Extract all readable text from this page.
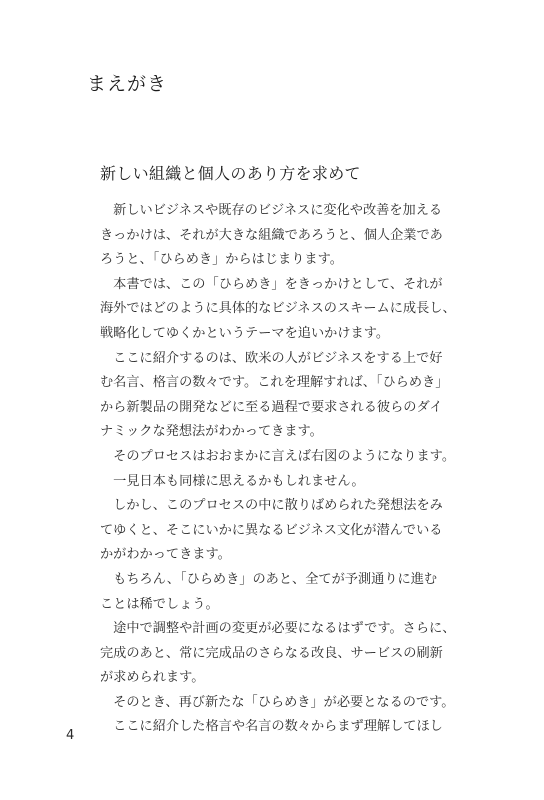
まえがき
新しい組織と個人のあり方を求めて
　新しいビジネスや既存のビジネスに変化や改善を加える
きっかけは、それが大きな組織であろうと、個人企業であ
ろうと、「ひらめき」からはじまります。
　本書では、この「ひらめき」をきっかけとして、それが
海外ではどのように具体的なビジネスのスキームに成長し、
戦略化してゆくかというテーマを追いかけます。
　ここに紹介するのは、欧米の人がビジネスをする上で好
む名言、格言の数々です。これを理解すれば、「ひらめき」
から新製品の開発などに至る過程で要求される彼らのダイ
ナミックな発想法がわかってきます。
　そのプロセスはおおまかに言えば右図のようになります。
　一見日本も同様に思えるかもしれません。
　しかし、このプロセスの中に散りばめられた発想法をみ
てゆくと、そこにいかに異なるビジネス文化が潜んでいる
かがわかってきます。
　もちろん、「ひらめき」のあと、全てが予測通りに進む
ことは稀でしょう。
　途中で調整や計画の変更が必要になるはずです。さらに、
完成のあと、常に完成品のさらなる改良、サービスの刷新
が求められます。
　そのとき、再び新たな「ひらめき」が必要となるのです。
　ここに紹介した格言や名言の数々からまず理解してほし
4
